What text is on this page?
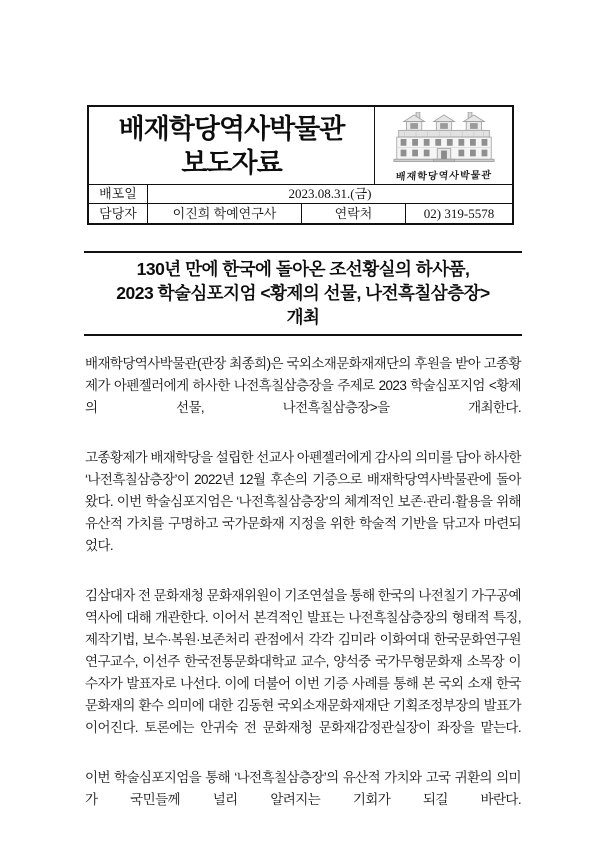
배재학당역사박물관
보도자료	배재학당역사박물관
배포일	2023.08.31.(금)
담당자	이진희 학예연구사	연락처	02) 319-5578
130년 만에 한국에 돌아온 조선황실의 하사품,
2023 학술심포지엄 <황제의 선물, 나전흑칠삼층장>
개최

배재학당역사박물관(관장 최종희)은 국외소재문화재재단의 후원을 받아 고종황제가 아펜젤러에게 하사한 나전흑칠삼층장을 주제로 2023 학술심포지엄 <황제의 선물, 나전흑칠삼층장>을 개최한다.

고종황제가 배재학당을 설립한 선교사 아펜젤러에게 감사의 의미를 담아 하사한 ‘나전흑칠삼층장’이 2022년 12월 후손의 기증으로 배재학당역사박물관에 돌아왔다. 이번 학술심포지엄은 ‘나전흑칠삼층장’의 체계적인 보존·관리·활용을 위해 유산적 가치를 구명하고 국가문화재 지정을 위한 학술적 기반을 닦고자 마련되었다.

김삼대자 전 문화재청 문화재위원이 기조연설을 통해 한국의 나전칠기 가구공예 역사에 대해 개관한다. 이어서 본격적인 발표는 나전흑칠삼층장의 형태적 특징, 제작기법, 보수·복원·보존처리 관점에서 각각 김미라 이화여대 한국문화연구원 연구교수, 이선주 한국전통문화대학교 교수, 양석중 국가무형문화재 소목장 이수자가 발표자로 나선다. 이에 더불어 이번 기증 사례를 통해 본 국외 소재 한국 문화재의 환수 의미에 대한 김동현 국외소재문화재재단 기획조정부장의 발표가 이어진다. 토론에는 안귀숙 전 문화재청 문화재감정관실장이 좌장을 맡는다.

이번 학술심포지엄을 통해 ‘나전흑칠삼층장’의 유산적 가치와 고국 귀환의 의미가 국민들께 널리 알려지는 기회가 되길 바란다.
